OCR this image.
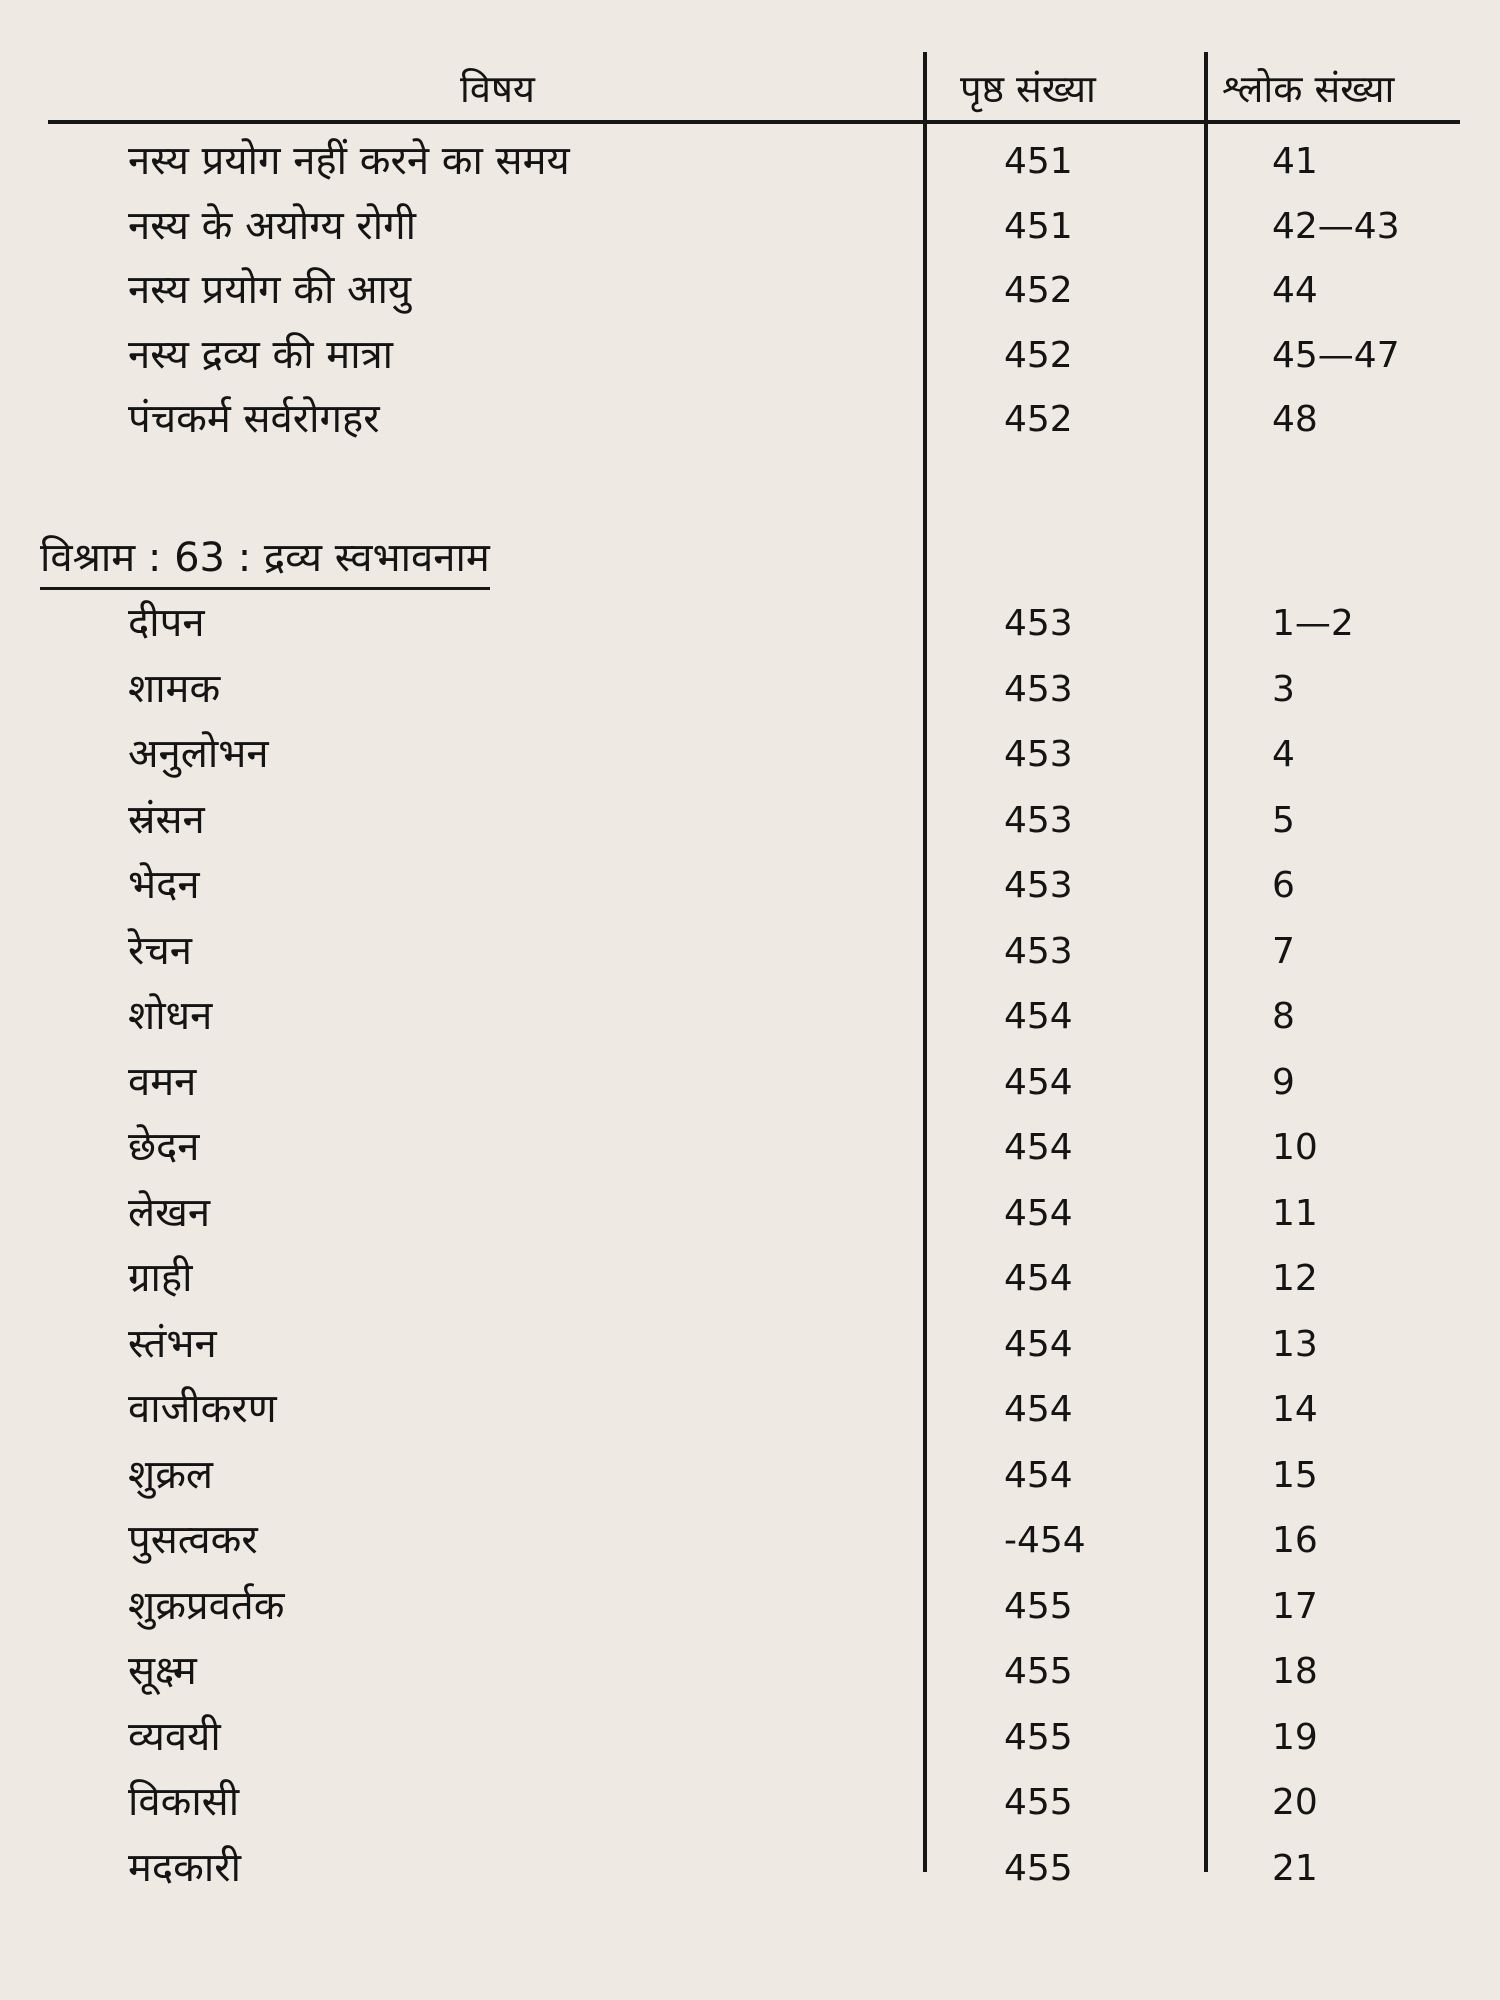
विषय	पृष्ठ संख्या	श्लोक संख्या
नस्य प्रयोग नहीं करने का समय	451	41
नस्य के अयोग्य रोगी	451	42—43
नस्य प्रयोग की आयु	452	44
नस्य द्रव्य की मात्रा	452	45—47
पंचकर्म सर्वरोगहर	452	48
विश्राम : 63 : द्रव्य स्वभावनाम
दीपन	453	1—2
शामक	453	3
अनुलोभन	453	4
स्रंसन	453	5
भेदन	453	6
रेचन	453	7
शोधन	454	8
वमन	454	9
छेदन	454	10
लेखन	454	11
ग्राही	454	12
स्तंभन	454	13
वाजीकरण	454	14
शुक्रल	454	15
पुसत्वकर	-454	16
शुक्रप्रवर्तक	455	17
सूक्ष्म	455	18
व्यवयी	455	19
विकासी	455	20
मदकारी	455	21
